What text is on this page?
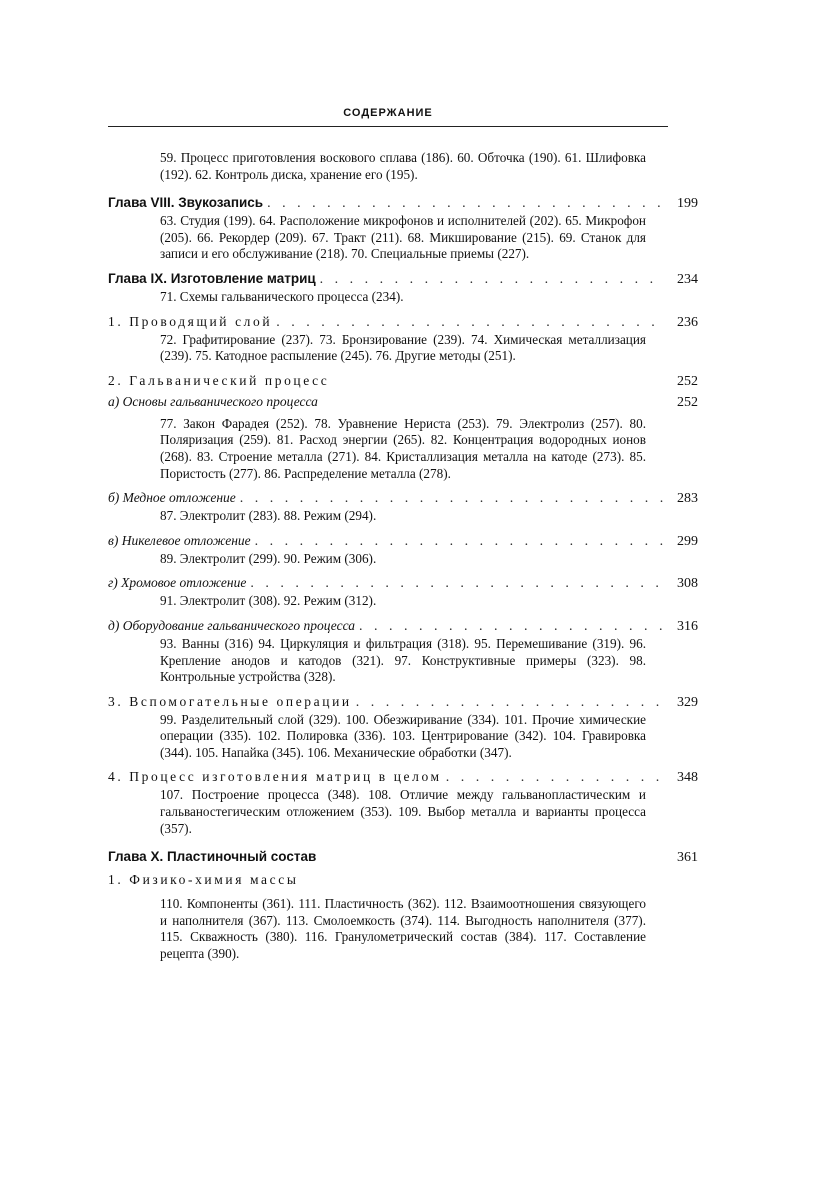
СОДЕРЖАНИЕ
59. Процесс приготовления воскового сплава (186). 60. Обточка (190). 61. Шлифовка (192). 62. Контроль диска, хранение его (195).
Глава VIII. Звукозапись . . .	199
63. Студия (199). 64. Расположение микрофонов и исполнителей (202). 65. Микрофон (205). 66. Рекордер (209). 67. Тракт (211). 68. Микширование (215). 69. Станок для записи и его обслуживание (218). 70. Специальные приемы (227).
Глава IX. Изготовление матриц . . .	234
71. Схемы гальванического процесса (234).
1. Проводящий слой . . .	236
72. Графитирование (237). 73. Бронзирование (239). 74. Химическая металлизация (239). 75. Катодное распыление (245). 76. Другие методы (251).
2. Гальванический процесс	252
а) Основы гальванического процесса	252
77. Закон Фарадея (252). 78. Уравнение Нериста (253). 79. Электролиз (257). 80. Поляризация (259). 81. Расход энергии (265). 82. Концентрация водородных ионов (268). 83. Строение металла (271). 84. Кристаллизация металла на катоде (273). 85. Пористость (277). 86. Распределение металла (278).
б) Медное отложение . . .	283
87. Электролит (283). 88. Режим (294).
в) Никелевое отложение . . .	299
89. Электролит (299). 90. Режим (306).
г) Хромовое отложение . . .	308
91. Электролит (308). 92. Режим (312).
д) Оборудование гальванического процесса . . .	316
93. Ванны (316) 94. Циркуляция и фильтрация (318). 95. Перемешивание (319). 96. Крепление анодов и катодов (321). 97. Конструктивные примеры (323). 98. Контрольные устройства (328).
3. Вспомогательные операции . . .	329
99. Разделительный слой (329). 100. Обезжиривание (334). 101. Прочие химические операции (335). 102. Полировка (336). 103. Центрирование (342). 104. Гравировка (344). 105. Напайка (345). 106. Механические обработки (347).
4. Процесс изготовления матриц в целом . . .	348
107. Построение процесса (348). 108. Отличие между гальванопластическим и гальваностегическим отложением (353). 109. Выбор металла и варианты процесса (357).
Глава X. Пластиночный состав	361
1. Физико-химия массы
110. Компоненты (361). 111. Пластичность (362). 112. Взаимоотношения связующего и наполнителя (367). 113. Смолоемкость (374). 114. Выгодность наполнителя (377). 115. Скважность (380). 116. Гранулометрический состав (384). 117. Составление рецепта (390).
